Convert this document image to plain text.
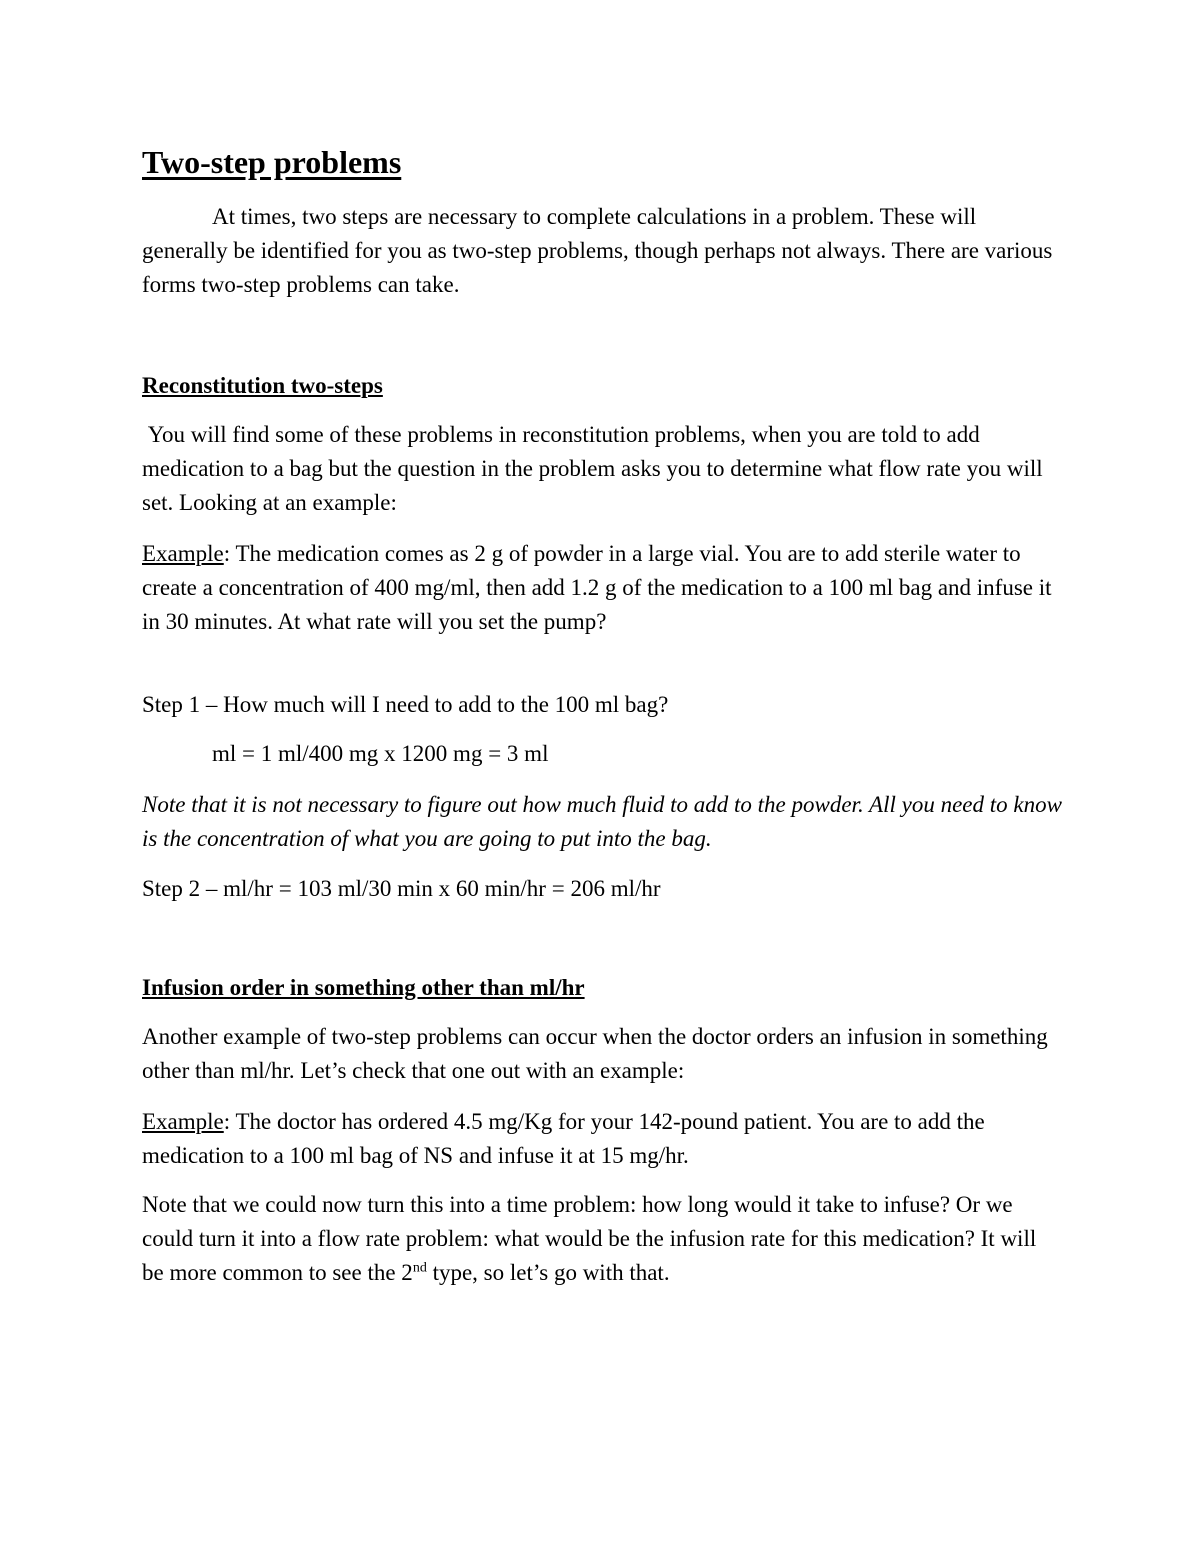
Two-step problems

At times, two steps are necessary to complete calculations in a problem. These will generally be identified for you as two-step problems, though perhaps not always. There are various forms two-step problems can take.

Reconstitution two-steps

You will find some of these problems in reconstitution problems, when you are told to add medication to a bag but the question in the problem asks you to determine what flow rate you will set. Looking at an example:

Example: The medication comes as 2 g of powder in a large vial. You are to add sterile water to create a concentration of 400 mg/ml, then add 1.2 g of the medication to a 100 ml bag and infuse it in 30 minutes. At what rate will you set the pump?

Step 1 – How much will I need to add to the 100 ml bag?

ml = 1 ml/400 mg x 1200 mg = 3 ml

Note that it is not necessary to figure out how much fluid to add to the powder. All you need to know is the concentration of what you are going to put into the bag.

Step 2 – ml/hr = 103 ml/30 min x 60 min/hr = 206 ml/hr

Infusion order in something other than ml/hr

Another example of two-step problems can occur when the doctor orders an infusion in something other than ml/hr. Let’s check that one out with an example:

Example: The doctor has ordered 4.5 mg/Kg for your 142-pound patient. You are to add the medication to a 100 ml bag of NS and infuse it at 15 mg/hr.

Note that we could now turn this into a time problem: how long would it take to infuse? Or we could turn it into a flow rate problem: what would be the infusion rate for this medication? It will be more common to see the 2nd type, so let’s go with that.
